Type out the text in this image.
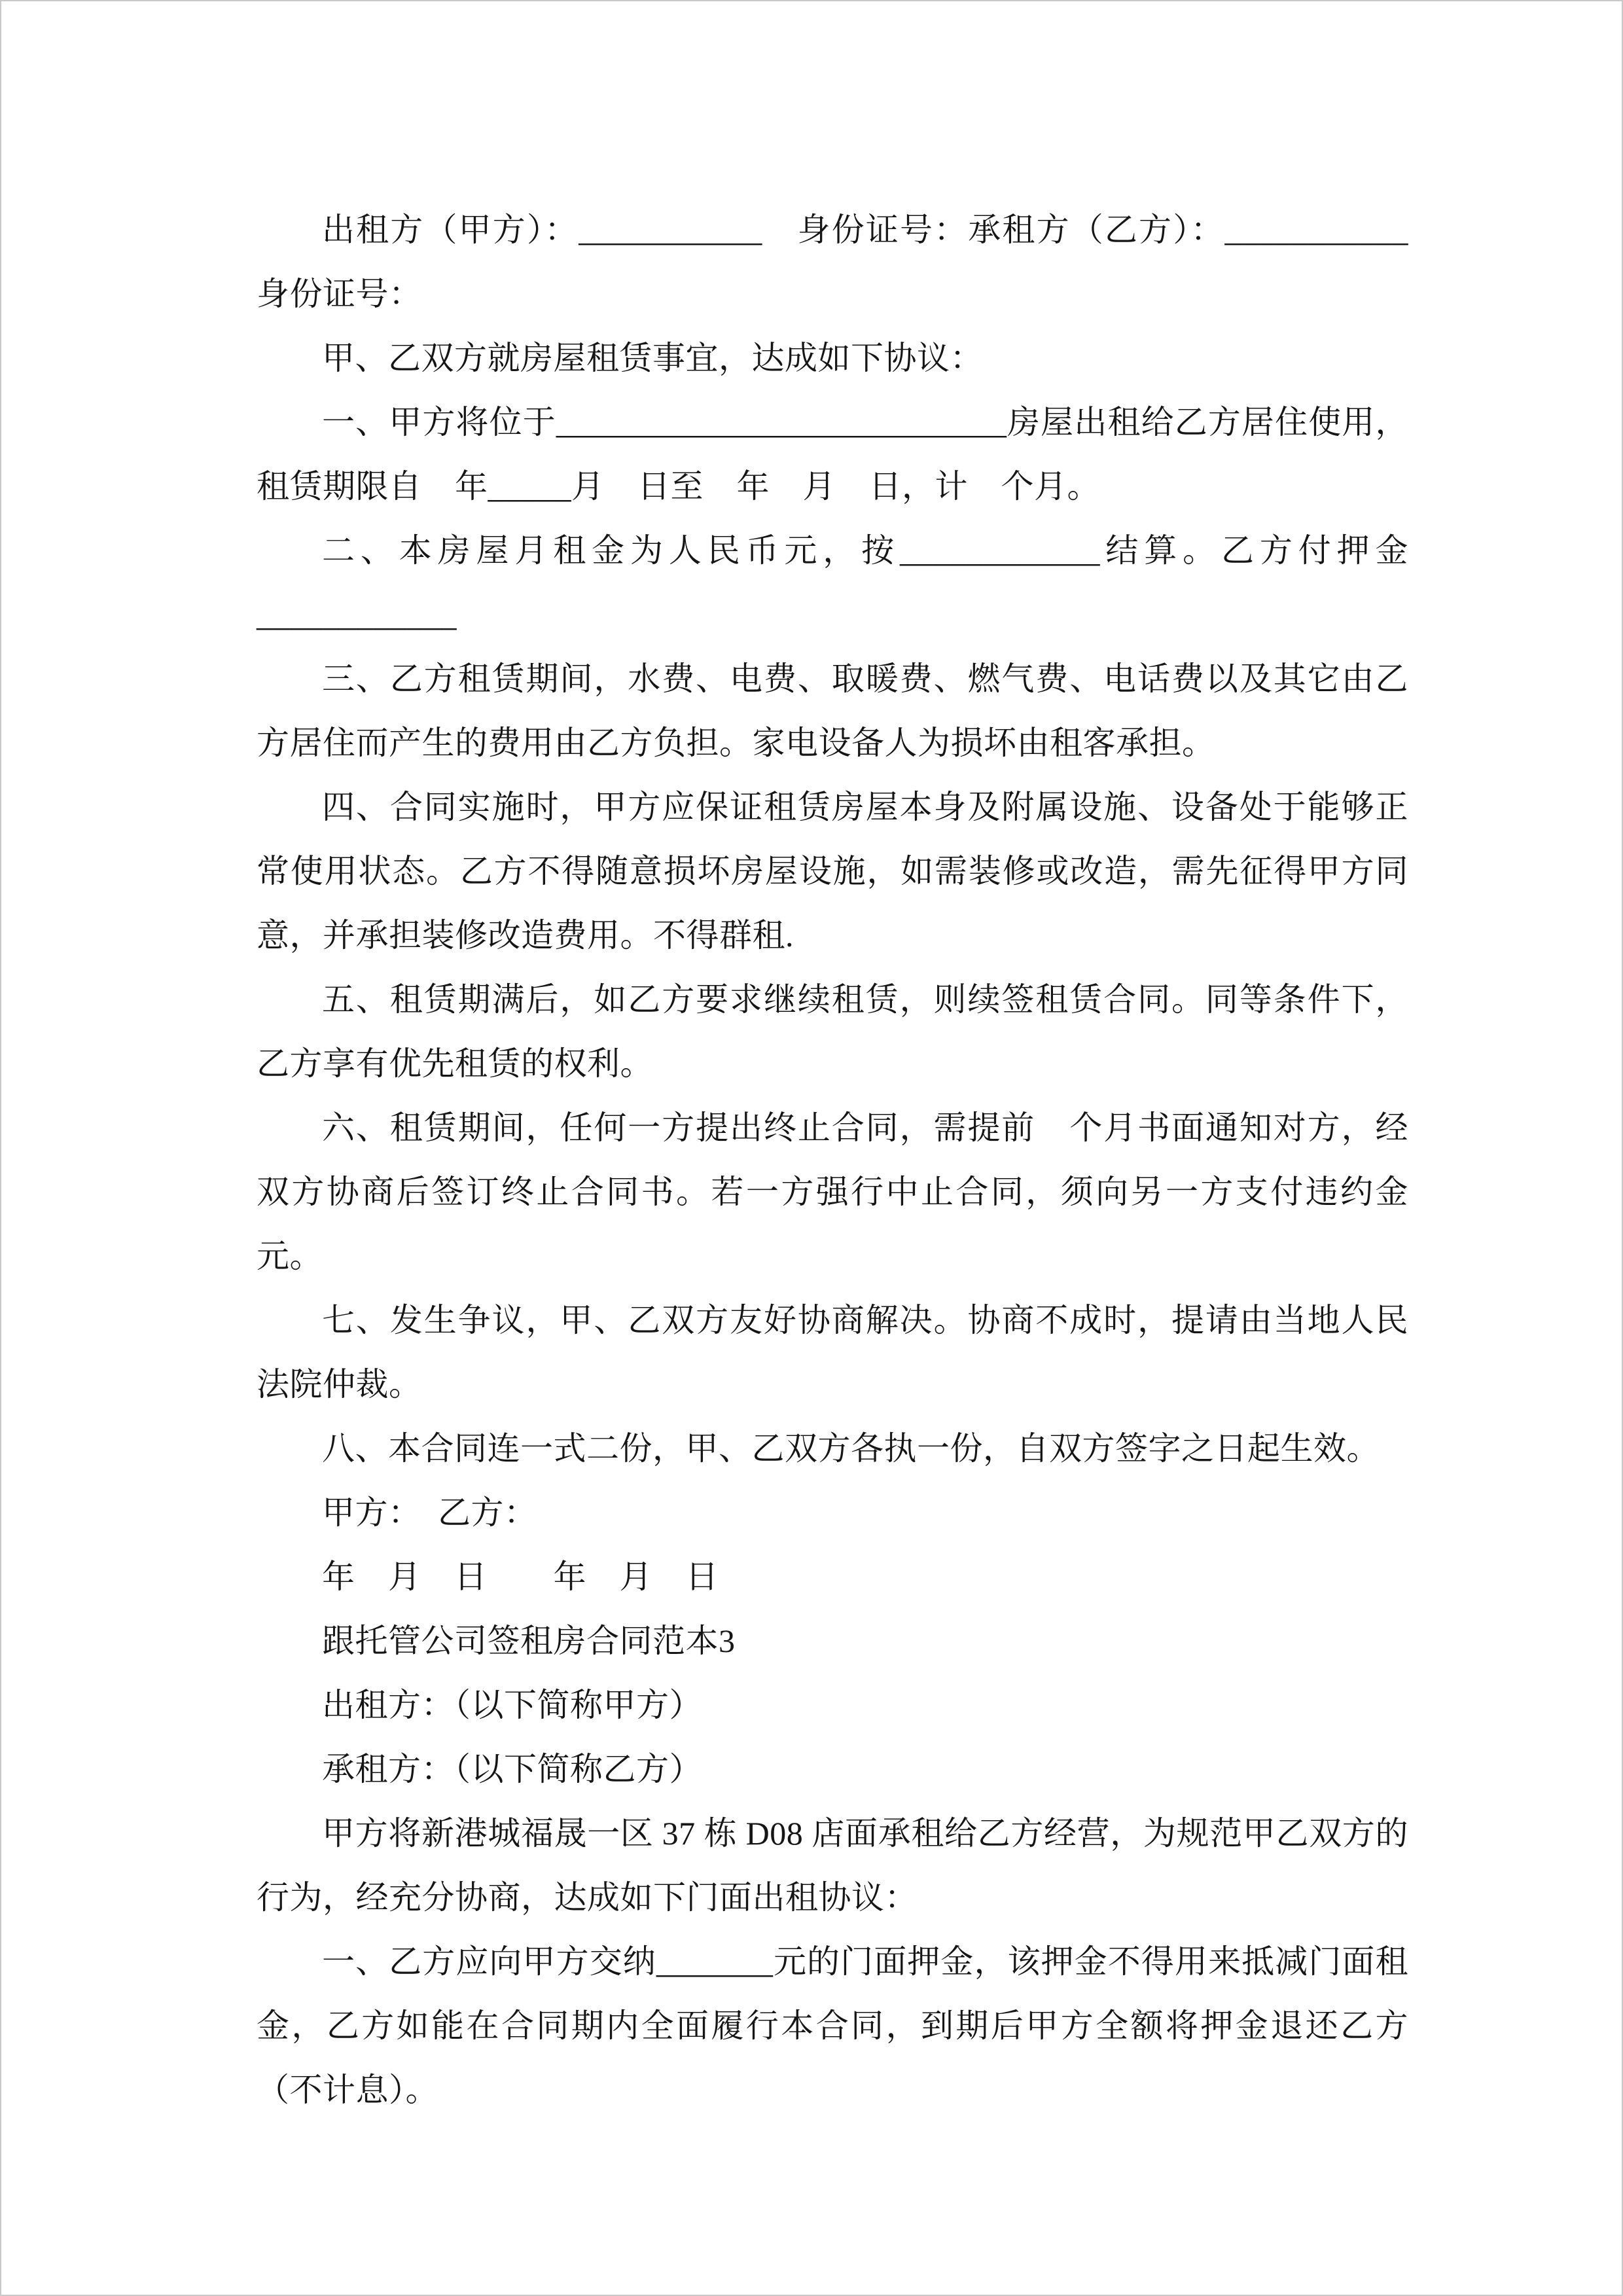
出租方（甲方）：___________　身份证号：承租方（乙方）：___________　身份证号：

甲、乙双方就房屋租赁事宜，达成如下协议：

一、甲方将位于___________________________房屋出租给乙方居住使用，租赁期限自　年_____月　日至　年　月　日，计　个月。

二、本房屋月租金为人民币元，按____________结算。乙方付押金

____________

三、乙方租赁期间，水费、电费、取暖费、燃气费、电话费以及其它由乙方居住而产生的费用由乙方负担。家电设备人为损坏由租客承担。

四、合同实施时，甲方应保证租赁房屋本身及附属设施、设备处于能够正常使用状态。乙方不得随意损坏房屋设施，如需装修或改造，需先征得甲方同意，并承担装修改造费用。不得群租.

五、租赁期满后，如乙方要求继续租赁，则续签租赁合同。同等条件下，乙方享有优先租赁的权利。

六、租赁期间，任何一方提出终止合同，需提前　个月书面通知对方，经双方协商后签订终止合同书。若一方强行中止合同，须向另一方支付违约金　元。

七、发生争议，甲、乙双方友好协商解决。协商不成时，提请由当地人民法院仲裁。

八、本合同连一式二份，甲、乙双方各执一份，自双方签字之日起生效。

甲方：　乙方：

年　月　日　　年　月　日

跟托管公司签租房合同范本3

出租方：（以下简称甲方）

承租方：（以下简称乙方）

甲方将新港城福晟一区 37 栋 D08 店面承租给乙方经营，为规范甲乙双方的行为，经充分协商，达成如下门面出租协议：

一、乙方应向甲方交纳_______元的门面押金，该押金不得用来抵减门面租金，乙方如能在合同期内全面履行本合同，到期后甲方全额将押金退还乙方（不计息）。
